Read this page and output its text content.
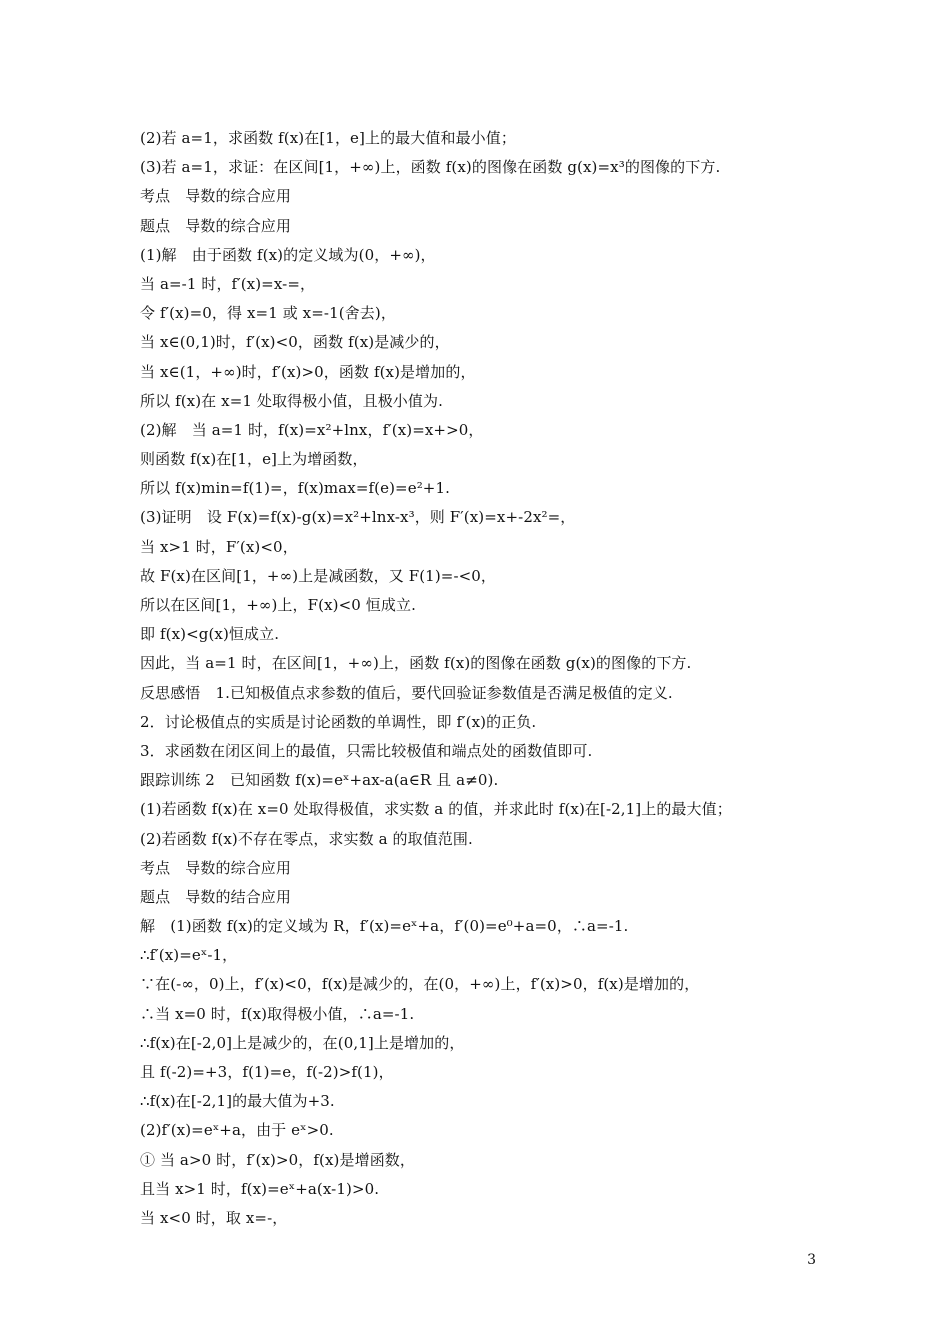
(2)若 a=1，求函数 f(x)在[1，e]上的最大值和最小值；
(3)若 a=1，求证：在区间[1，+∞)上，函数 f(x)的图像在函数 g(x)=x³的图像的下方.
考点　导数的综合应用
题点　导数的综合应用
(1)解　由于函数 f(x)的定义域为(0，+∞)，
当 a=-1 时，f′(x)=x-=，
令 f′(x)=0，得 x=1 或 x=-1(舍去)，
当 x∈(0,1)时，f′(x)<0，函数 f(x)是减少的，
当 x∈(1，+∞)时，f′(x)>0，函数 f(x)是增加的，
所以 f(x)在 x=1 处取得极小值，且极小值为.
(2)解　当 a=1 时，f(x)=x²+lnx，f′(x)=x+>0，
则函数 f(x)在[1，e]上为增函数，
所以 f(x)min=f(1)=，f(x)max=f(e)=e²+1.
(3)证明　设 F(x)=f(x)-g(x)=x²+lnx-x³，则 F′(x)=x+-2x²=，
当 x>1 时，F′(x)<0，
故 F(x)在区间[1，+∞)上是减函数，又 F(1)=-<0，
所以在区间[1，+∞)上，F(x)<0 恒成立.
即 f(x)<g(x)恒成立.
因此，当 a=1 时，在区间[1，+∞)上，函数 f(x)的图像在函数 g(x)的图像的下方.
反思感悟　1.已知极值点求参数的值后，要代回验证参数值是否满足极值的定义.
2．讨论极值点的实质是讨论函数的单调性，即 f′(x)的正负.
3．求函数在闭区间上的最值，只需比较极值和端点处的函数值即可.
跟踪训练 2　已知函数 f(x)=eˣ+ax-a(a∈R 且 a≠0).
(1)若函数 f(x)在 x=0 处取得极值，求实数 a 的值，并求此时 f(x)在[-2,1]上的最大值；
(2)若函数 f(x)不存在零点，求实数 a 的取值范围.
考点　导数的综合应用
题点　导数的结合应用
解　(1)函数 f(x)的定义域为 R，f′(x)=eˣ+a，f′(0)=e⁰+a=0，∴a=-1.
∴f′(x)=eˣ-1，
∵在(-∞，0)上，f′(x)<0，f(x)是减少的，在(0，+∞)上，f′(x)>0，f(x)是增加的，
∴当 x=0 时，f(x)取得极小值，∴a=-1.
∴f(x)在[-2,0]上是减少的，在(0,1]上是增加的，
且 f(-2)=+3，f(1)=e，f(-2)>f(1)，
∴f(x)在[-2,1]的最大值为+3.
(2)f′(x)=eˣ+a，由于 eˣ>0.
① 当 a>0 时，f′(x)>0，f(x)是增函数，
且当 x>1 时，f(x)=eˣ+a(x-1)>0.
当 x<0 时，取 x=-，
3
